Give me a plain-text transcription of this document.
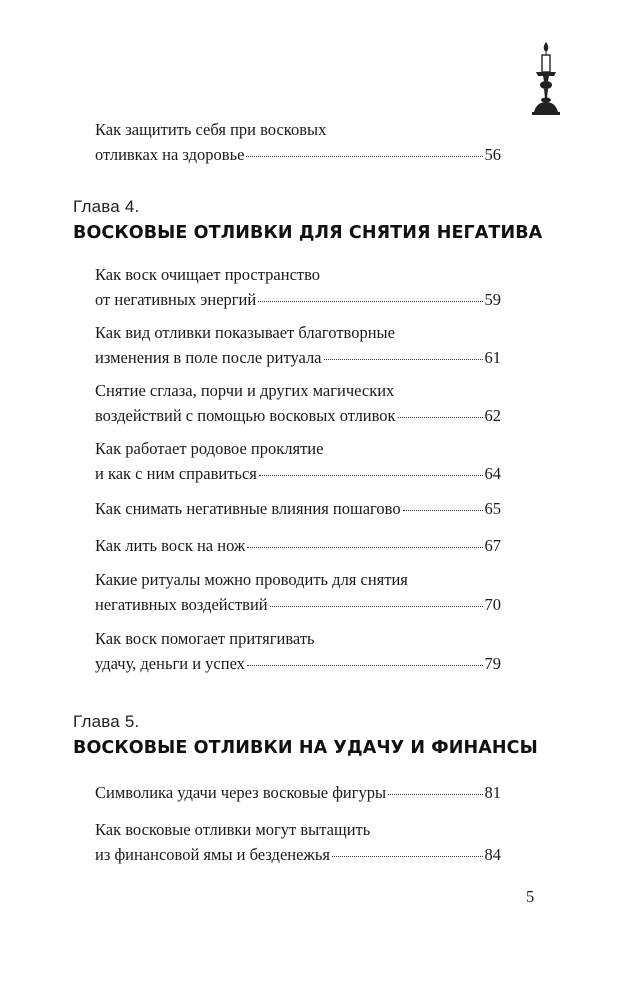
Как защитить себя при восковых
отливках на здоровье	56
Глава 4.
ВОСКОВЫЕ ОТЛИВКИ ДЛЯ СНЯТИЯ НЕГАТИВА
Как воск очищает пространство
от негативных энергий	59
Как вид отливки показывает благотворные
изменения в поле после ритуала	61
Снятие сглаза, порчи и других магических
воздействий с помощью восковых отливок	62
Как работает родовое проклятие
и как с ним справиться	64
Как снимать негативные влияния пошагово	65
Как лить воск на нож	67
Какие ритуалы можно проводить для снятия
негативных воздействий	70
Как воск помогает притягивать
удачу, деньги и успех	79
Глава 5.
ВОСКОВЫЕ ОТЛИВКИ НА УДАЧУ И ФИНАНСЫ
Символика удачи через восковые фигуры	81
Как восковые отливки могут вытащить
из финансовой ямы и безденежья	84
5
